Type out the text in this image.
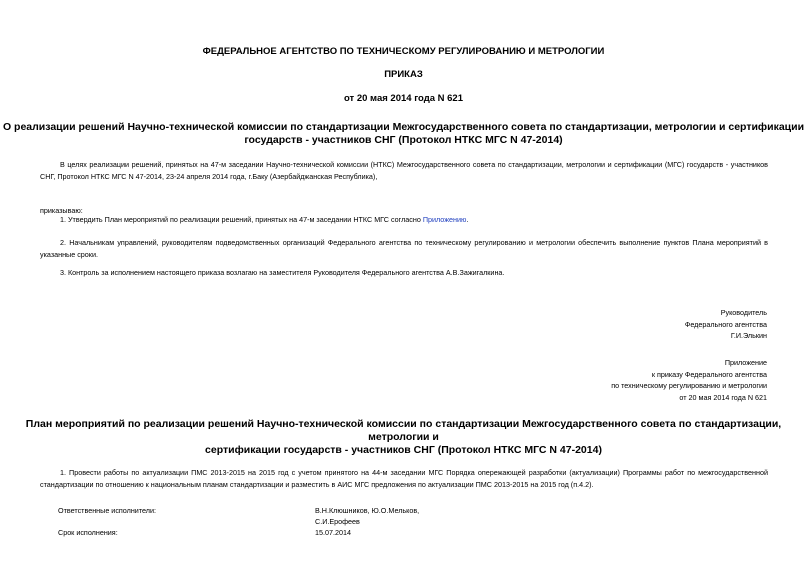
ФЕДЕРАЛЬНОЕ АГЕНТСТВО ПО ТЕХНИЧЕСКОМУ РЕГУЛИРОВАНИЮ И МЕТРОЛОГИИ
ПРИКАЗ
от 20 мая 2014 года N 621
О реализации решений Научно-технической комиссии по стандартизации Межгосударственного совета по стандартизации, метрологии и сертификации
государств - участников СНГ (Протокол НТКС МГС N 47-2014)
В целях реализации решений, принятых на 47-м заседании Научно-технической комиссии (НТКС) Межгосударственного совета по стандартизации, метрологии и сертификации (МГС) государств - участников СНГ, Протокол НТКС МГС N 47-2014, 23-24 апреля 2014 года, г.Баку (Азербайджанская Республика),
приказываю:
1. Утвердить План мероприятий по реализации решений, принятых на 47-м заседании НТКС МГС согласно Приложению.
2. Начальникам управлений, руководителям подведомственных организаций Федерального агентства по техническому регулированию и метрологии обеспечить выполнение пунктов Плана мероприятий в указанные сроки.
3. Контроль за исполнением настоящего приказа возлагаю на заместителя Руководителя Федерального агентства А.В.Зажигалкина.
Руководитель
Федерального агентства
Г.И.Элькин
Приложение
к приказу Федерального агентства
по техническому регулированию и метрологии
от 20 мая 2014 года N 621
План мероприятий по реализации решений Научно-технической комиссии по стандартизации Межгосударственного совета по стандартизации, метрологии и
сертификации государств - участников СНГ (Протокол НТКС МГС N 47-2014)
1. Провести работы по актуализации ПМС 2013-2015 на 2015 год с учетом принятого на 44-м заседании МГС Порядка опережающей разработки (актуализации) Программы работ по межгосударственной стандартизации по отношению к национальным планам стандартизации и разместить в АИС МГС предложения по актуализации ПМС 2013-2015 на 2015 год (п.4.2).
Ответственные исполнители:	В.Н.Клюшников, Ю.О.Мельков,
С.И.Ерофеев
Срок исполнения:	15.07.2014
